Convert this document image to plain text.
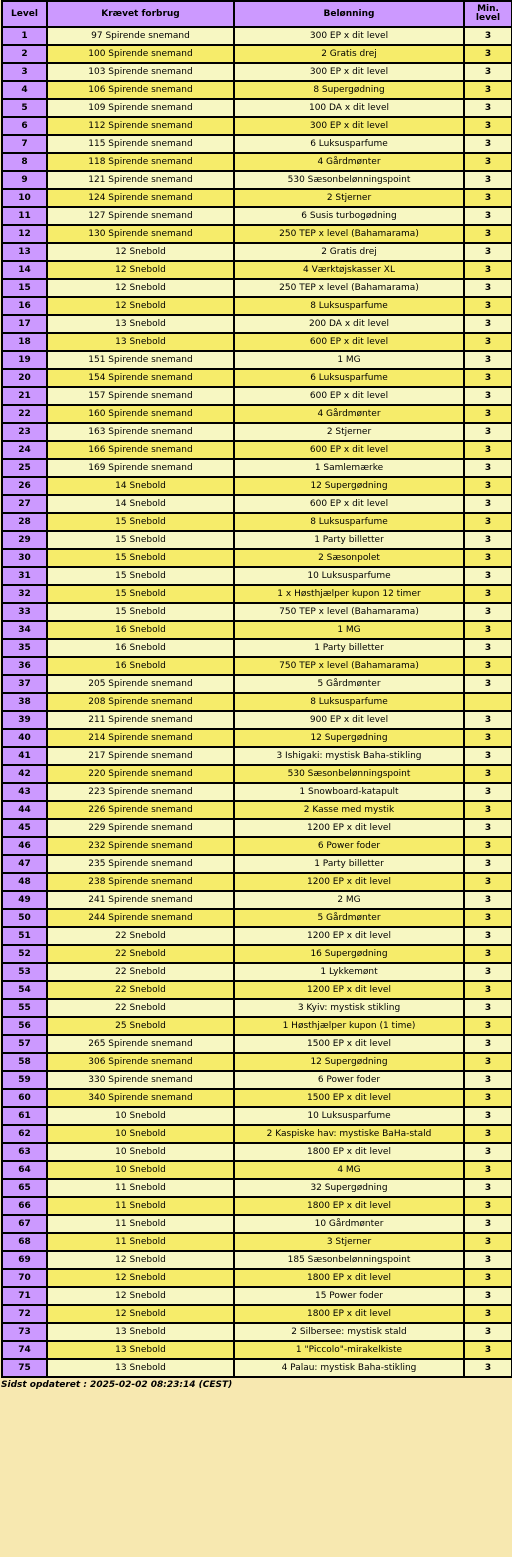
Level	Krævet forbrug	Belønning	Min.
level
1	97 Spirende snemand	300 EP x dit level	3
2	100 Spirende snemand	2 Gratis drej	3
3	103 Spirende snemand	300 EP x dit level	3
4	106 Spirende snemand	8 Supergødning	3
5	109 Spirende snemand	100 DA x dit level	3
6	112 Spirende snemand	300 EP x dit level	3
7	115 Spirende snemand	6 Luksusparfume	3
8	118 Spirende snemand	4 Gårdmønter	3
9	121 Spirende snemand	530 Sæsonbelønningspoint	3
10	124 Spirende snemand	2 Stjerner	3
11	127 Spirende snemand	6 Susis turbogødning	3
12	130 Spirende snemand	250 TEP x level (Bahamarama)	3
13	12 Snebold	2 Gratis drej	3
14	12 Snebold	4 Værktøjskasser XL	3
15	12 Snebold	250 TEP x level (Bahamarama)	3
16	12 Snebold	8 Luksusparfume	3
17	13 Snebold	200 DA x dit level	3
18	13 Snebold	600 EP x dit level	3
19	151 Spirende snemand	1 MG	3
20	154 Spirende snemand	6 Luksusparfume	3
21	157 Spirende snemand	600 EP x dit level	3
22	160 Spirende snemand	4 Gårdmønter	3
23	163 Spirende snemand	2 Stjerner	3
24	166 Spirende snemand	600 EP x dit level	3
25	169 Spirende snemand	1 Samlemærke	3
26	14 Snebold	12 Supergødning	3
27	14 Snebold	600 EP x dit level	3
28	15 Snebold	8 Luksusparfume	3
29	15 Snebold	1 Party billetter	3
30	15 Snebold	2 Sæsonpolet	3
31	15 Snebold	10 Luksusparfume	3
32	15 Snebold	1 x Høsthjælper kupon 12 timer	3
33	15 Snebold	750 TEP x level (Bahamarama)	3
34	16 Snebold	1 MG	3
35	16 Snebold	1 Party billetter	3
36	16 Snebold	750 TEP x level (Bahamarama)	3
37	205 Spirende snemand	5 Gårdmønter	3
38	208 Spirende snemand	8 Luksusparfume	
39	211 Spirende snemand	900 EP x dit level	3
40	214 Spirende snemand	12 Supergødning	3
41	217 Spirende snemand	3 Ishigaki: mystisk Baha-stikling	3
42	220 Spirende snemand	530 Sæsonbelønningspoint	3
43	223 Spirende snemand	1 Snowboard-katapult	3
44	226 Spirende snemand	2 Kasse med mystik	3
45	229 Spirende snemand	1200 EP x dit level	3
46	232 Spirende snemand	6 Power foder	3
47	235 Spirende snemand	1 Party billetter	3
48	238 Spirende snemand	1200 EP x dit level	3
49	241 Spirende snemand	2 MG	3
50	244 Spirende snemand	5 Gårdmønter	3
51	22 Snebold	1200 EP x dit level	3
52	22 Snebold	16 Supergødning	3
53	22 Snebold	1 Lykkemønt	3
54	22 Snebold	1200 EP x dit level	3
55	22 Snebold	3 Kyiv: mystisk stikling	3
56	25 Snebold	1 Høsthjælper kupon (1 time)	3
57	265 Spirende snemand	1500 EP x dit level	3
58	306 Spirende snemand	12 Supergødning	3
59	330 Spirende snemand	6 Power foder	3
60	340 Spirende snemand	1500 EP x dit level	3
61	10 Snebold	10 Luksusparfume	3
62	10 Snebold	2 Kaspiske hav: mystiske BaHa-stald	3
63	10 Snebold	1800 EP x dit level	3
64	10 Snebold	4 MG	3
65	11 Snebold	32 Supergødning	3
66	11 Snebold	1800 EP x dit level	3
67	11 Snebold	10 Gårdmønter	3
68	11 Snebold	3 Stjerner	3
69	12 Snebold	185 Sæsonbelønningspoint	3
70	12 Snebold	1800 EP x dit level	3
71	12 Snebold	15 Power foder	3
72	12 Snebold	1800 EP x dit level	3
73	13 Snebold	2 Silbersee: mystisk stald	3
74	13 Snebold	1 "Piccolo"-mirakelkiste	3
75	13 Snebold	4 Palau: mystisk Baha-stikling	3
Sidst opdateret : 2025-02-02 08:23:14 (CEST)
